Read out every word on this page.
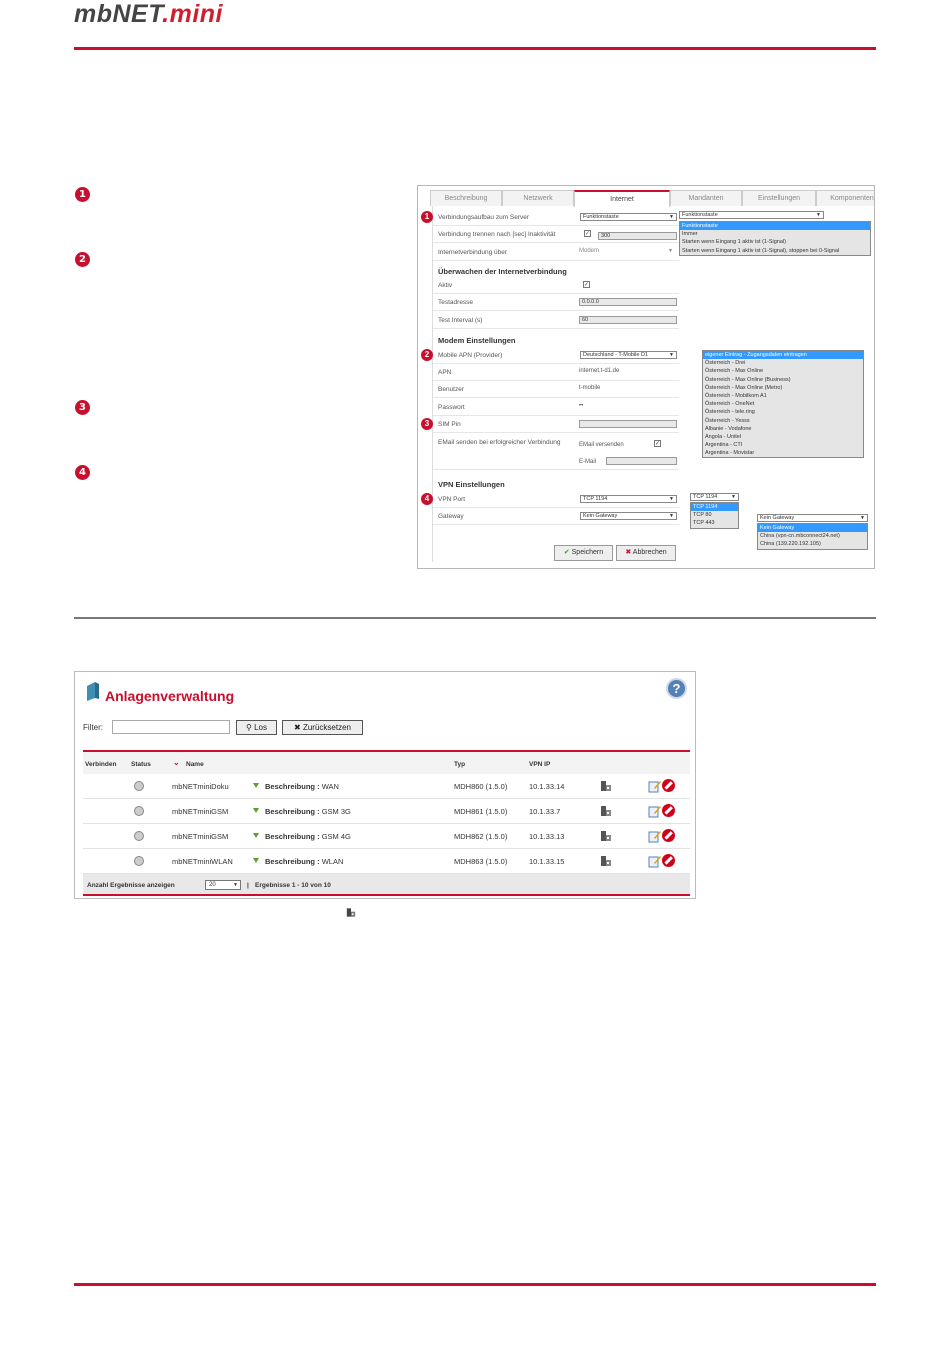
mbNET.mini
1
2
3
4
Beschreibung	Netzwerk	Internet	Mandanten	Einstellungen	Komponenten
Verbindungsaufbau zum Server	Funktionstaste ▼
Verbindung trennen nach [sec] Inaktivität	✓	300
Internetverbindung über	Modem	▼
Überwachen der Internetverbindung
Aktiv	✓
Testadresse	0.0.0.0
Test Interval (s)	60
Modem Einstellungen
Mobile APN (Provider)	Deutschland - T-Mobile D1 ▼
APN	internet.t-d1.de
Benutzer	t-mobile
Passwort	••
SIM Pin
EMail senden bei erfolgreicher Verbindung	EMail versenden	✓
E-Mail
VPN Einstellungen
VPN Port	TCP 1194 ▼
Gateway	Kein Gateway ▼
✔ Speichern	✖ Abbrechen
1
2
3
4
Funktionstaste ▼
Funktionstaste
Immer
Starten wenn Eingang 1 aktiv ist (1-Signal)
Starten wenn Eingang 1 aktiv ist (1-Signal), stoppen bei 0-Signal
eigener Eintrag - Zugangsdaten eintragen
Österreich - Drei
Österreich - Max Online
Österreich - Max Online (Business)
Österreich - Max Online (Metro)
Österreich - Mobilkom A1
Österreich - OneNet
Österreich - tele.ring
Österreich - Yesss
Albanie - Vodafone
Angola - Unitel
Argentina - CTI
Argentina - Movistar
TCP 1194 ▼
TCP 1194
TCP 80
TCP 443
Kein Gateway ▼
Kein Gateway
China (vpn-cn.mbconnect24.net)
China (139.220.192.105)
Anlagenverwaltung	?
Filter:	⚲ Los	✖ Zurücksetzen
Verbinden Status	⌄ Name	Typ	VPN IP
mbNETminiDoku	Beschreibung : WAN	MDH860 (1.5.0)	10.1.33.14
mbNETminiGSM	Beschreibung : GSM 3G	MDH861 (1.5.0)	10.1.33.7
mbNETminiGSM	Beschreibung : GSM 4G	MDH862 (1.5.0)	10.1.33.13
mbNETminiWLAN	Beschreibung : WLAN	MDH863 (1.5.0)	10.1.33.15
Anzahl Ergebnisse anzeigen	20 ▼	| Ergebnisse 1 - 10 von 10
